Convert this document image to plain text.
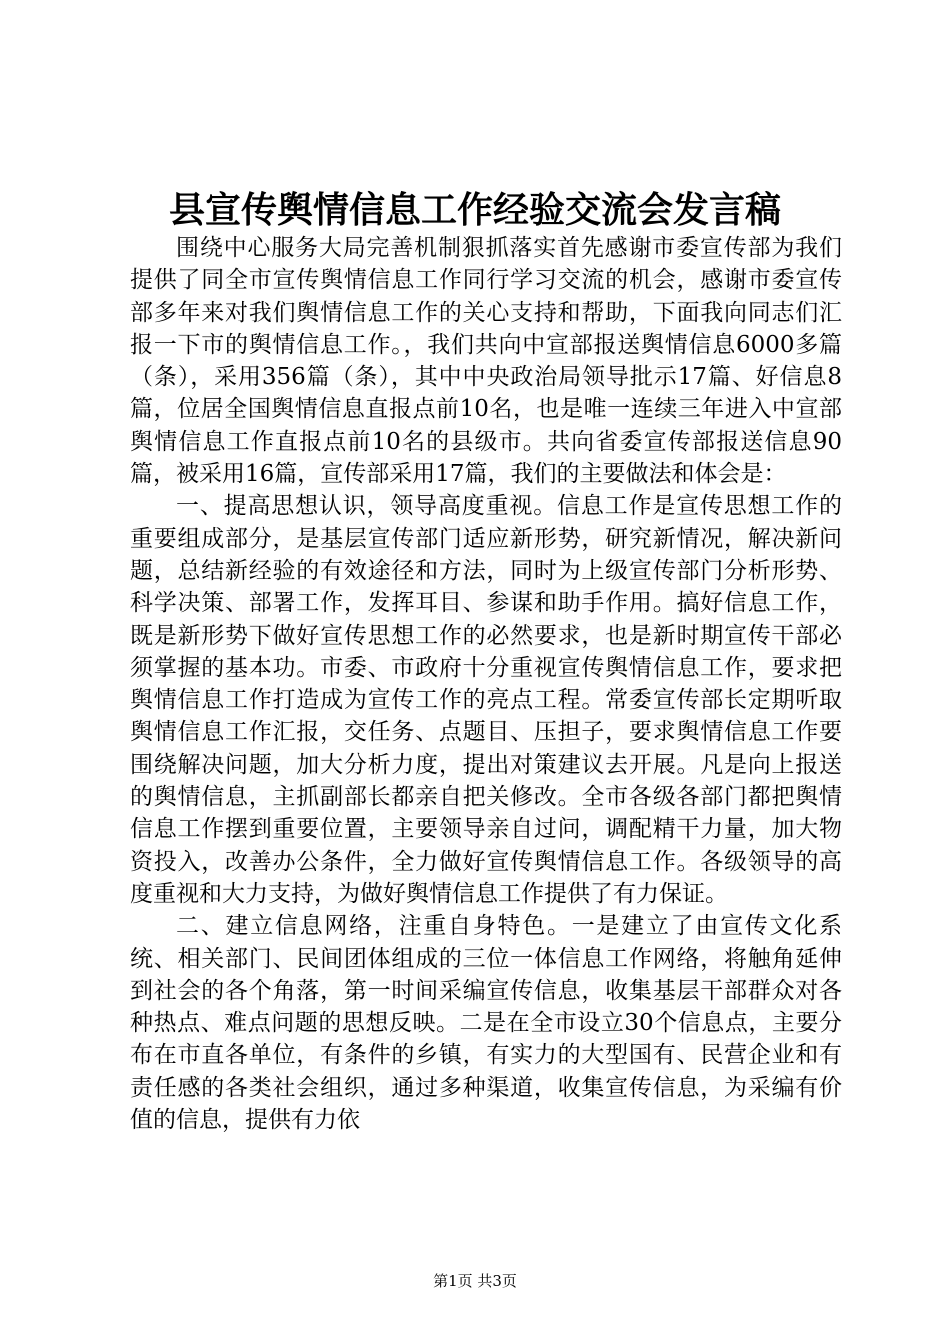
县宣传舆情信息工作经验交流会发言稿

围绕中心服务大局完善机制狠抓落实首先感谢市委宣传部为我们提供了同全市宣传舆情信息工作同行学习交流的机会，感谢市委宣传部多年来对我们舆情信息工作的关心支持和帮助，下面我向同志们汇报一下市的舆情信息工作。，我们共向中宣部报送舆情信息6000多篇（条），采用356篇（条），其中中央政治局领导批示17篇、好信息8篇，位居全国舆情信息直报点前10名，也是唯一连续三年进入中宣部舆情信息工作直报点前10名的县级市。共向省委宣传部报送信息90篇，被采用16篇，宣传部采用17篇，我们的主要做法和体会是：

一、提高思想认识，领导高度重视。信息工作是宣传思想工作的重要组成部分，是基层宣传部门适应新形势，研究新情况，解决新问题，总结新经验的有效途径和方法，同时为上级宣传部门分析形势、科学决策、部署工作，发挥耳目、参谋和助手作用。搞好信息工作，既是新形势下做好宣传思想工作的必然要求，也是新时期宣传干部必须掌握的基本功。市委、市政府十分重视宣传舆情信息工作，要求把舆情信息工作打造成为宣传工作的亮点工程。常委宣传部长定期听取舆情信息工作汇报，交任务、点题目、压担子，要求舆情信息工作要围绕解决问题，加大分析力度，提出对策建议去开展。凡是向上报送的舆情信息，主抓副部长都亲自把关修改。全市各级各部门都把舆情信息工作摆到重要位置，主要领导亲自过问，调配精干力量，加大物资投入，改善办公条件，全力做好宣传舆情信息工作。各级领导的高度重视和大力支持，为做好舆情信息工作提供了有力保证。

二、建立信息网络，注重自身特色。一是建立了由宣传文化系统、相关部门、民间团体组成的三位一体信息工作网络，将触角延伸到社会的各个角落，第一时间采编宣传信息，收集基层干部群众对各种热点、难点问题的思想反映。二是在全市设立30个信息点，主要分布在市直各单位，有条件的乡镇，有实力的大型国有、民营企业和有责任感的各类社会组织，通过多种渠道，收集宣传信息，为采编有价值的信息，提供有力依

第1页 共3页
